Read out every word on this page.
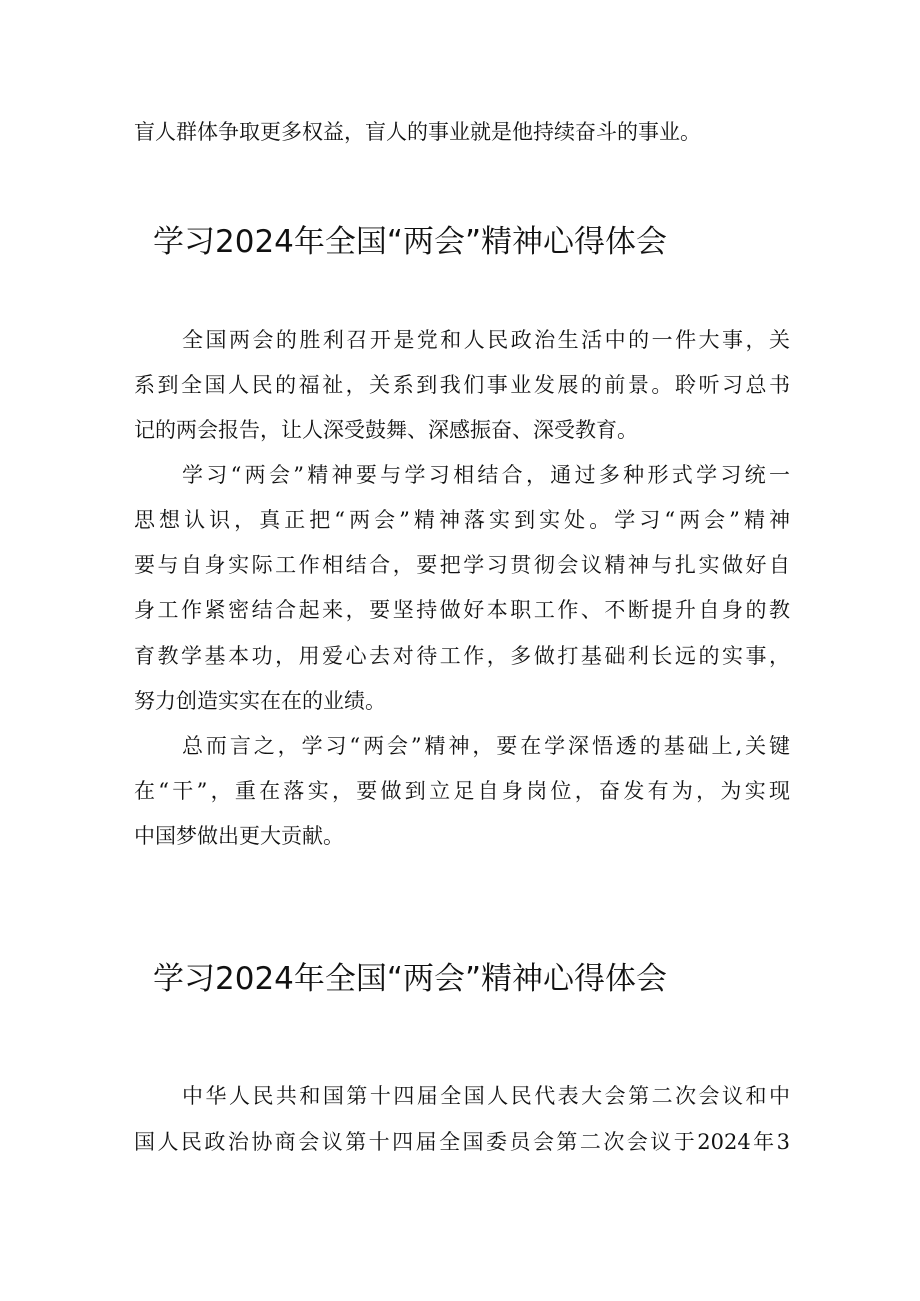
盲人群体争取更多权益，盲人的事业就是他持续奋斗的事业。
学习2024年全国“两会”精神心得体会
全国两会的胜利召开是党和人民政治生活中的一件大事，关
系到全国人民的福祉，关系到我们事业发展的前景。聆听习总书
记的两会报告，让人深受鼓舞、深感振奋、深受教育。
学习“两会”精神要与学习相结合，通过多种形式学习统一
思想认识，真正把“两会”精神落实到实处。学习“两会”精神
要与自身实际工作相结合，要把学习贯彻会议精神与扎实做好自
身工作紧密结合起来，要坚持做好本职工作、不断提升自身的教
育教学基本功，用爱心去对待工作，多做打基础利长远的实事，
努力创造实实在在的业绩。
总而言之，学习“两会”精神，要在学深悟透的基础上,关键
在“干”，重在落实，要做到立足自身岗位，奋发有为，为实现
中国梦做出更大贡献。
学习2024年全国“两会”精神心得体会
中华人民共和国第十四届全国人民代表大会第二次会议和中
国人民政治协商会议第十四届全国委员会第二次会议于2024年3
